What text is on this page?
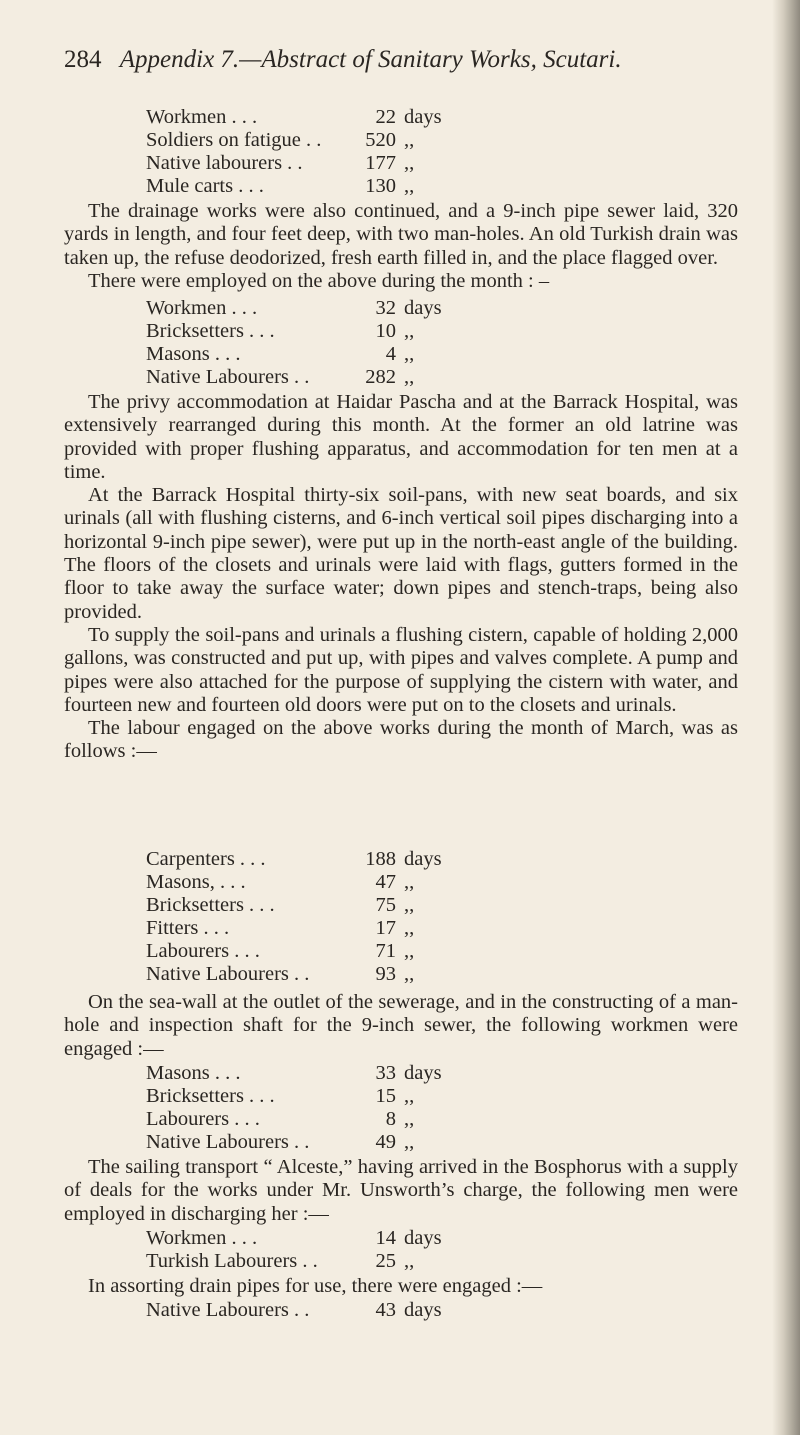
284 Appendix 7.—Abstract of Sanitary Works, Scutari.
Workmen . . .	22 days
Soldiers on fatigue . .	520 ,,
Native labourers . .	177 ,,
Mule carts . . .	130 ,,

The drainage works were also continued, and a 9-inch pipe sewer laid, 320 yards in length, and four feet deep, with two man-holes. An old Turkish drain was taken up, the refuse deodorized, fresh earth filled in, and the place flagged over.

There were employed on the above during the month : –

Workmen . . .	32 days
Bricksetters . . .	10 ,,
Masons . . .	4 ,,
Native Labourers . .	282 ,,

The privy accommodation at Haidar Pascha and at the Barrack Hospital, was extensively rearranged during this month. At the former an old latrine was provided with proper flushing apparatus, and accommodation for ten men at a time.

At the Barrack Hospital thirty-six soil-pans, with new seat boards, and six urinals (all with flushing cisterns, and 6-inch vertical soil pipes discharging into a horizontal 9-inch pipe sewer), were put up in the north-east angle of the building. The floors of the closets and urinals were laid with flags, gutters formed in the floor to take away the surface water; down pipes and stench-traps, being also provided.

To supply the soil-pans and urinals a flushing cistern, capable of holding 2,000 gallons, was constructed and put up, with pipes and valves complete. A pump and pipes were also attached for the purpose of supplying the cistern with water, and fourteen new and fourteen old doors were put on to the closets and urinals.

The labour engaged on the above works during the month of March, was as follows :—

Carpenters . . .	188 days
Masons, . . .	47 ,,
Bricksetters . . .	75 ,,
Fitters . . .	17 ,,
Labourers . . .	71 ,,
Native Labourers . .	93 ,,

On the sea-wall at the outlet of the sewerage, and in the constructing of a man-hole and inspection shaft for the 9-inch sewer, the following workmen were engaged :—

Masons . . .	33 days
Bricksetters . . .	15 ,,
Labourers . . .	8 ,,
Native Labourers . .	49 ,,

The sailing transport “ Alceste,” having arrived in the Bosphorus with a supply of deals for the works under Mr. Unsworth’s charge, the following men were employed in discharging her :—

Workmen . . .	14 days
Turkish Labourers . .	25 ,,

In assorting drain pipes for use, there were engaged :—

Native Labourers . .	43 days
